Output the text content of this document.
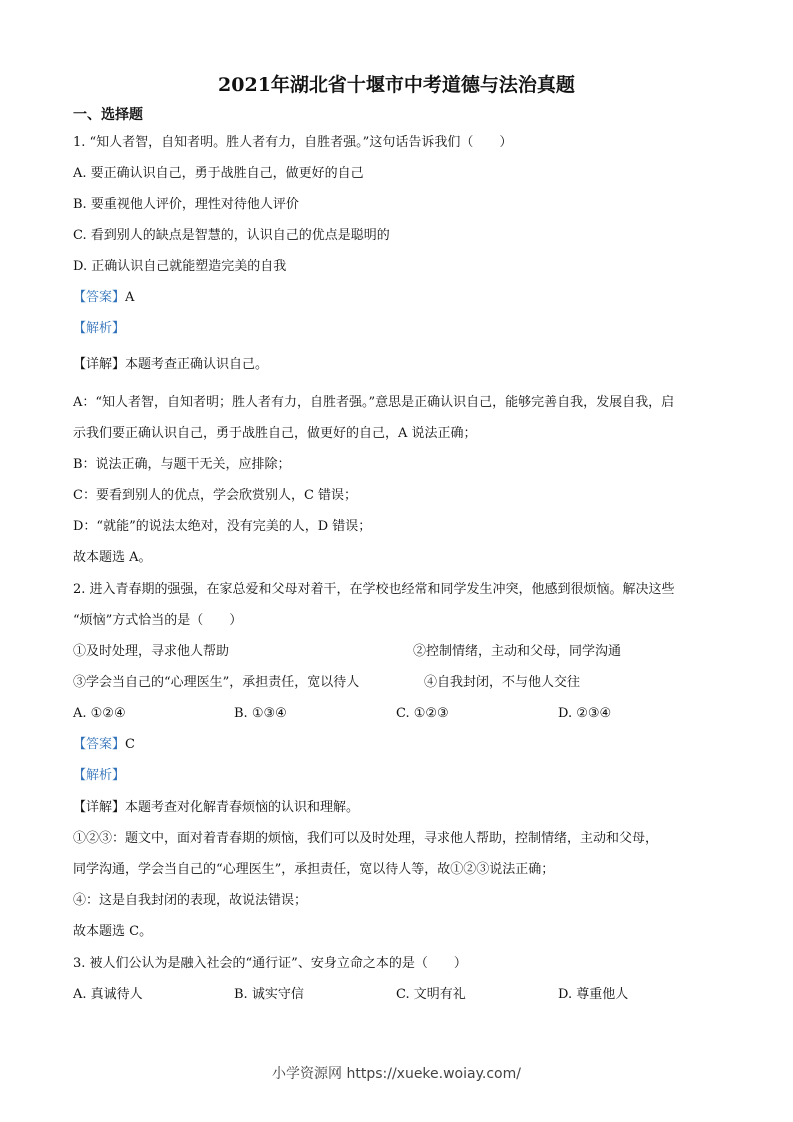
2021年湖北省十堰市中考道德与法治真题
一、选择题
1. “知人者智，自知者明。胜人者有力，自胜者强。”这句话告诉我们（　　）
A. 要正确认识自己，勇于战胜自己，做更好的自己
B. 要重视他人评价，理性对待他人评价
C. 看到别人的缺点是智慧的，认识自己的优点是聪明的
D. 正确认识自己就能塑造完美的自我
【答案】A
【解析】
【详解】本题考查正确认识自己。
A：“知人者智，自知者明；胜人者有力，自胜者强。”意思是正确认识自己，能够完善自我，发展自我，启
示我们要正确认识自己，勇于战胜自己，做更好的自己，A 说法正确；
B：说法正确，与题干无关，应排除；
C：要看到别人的优点，学会欣赏别人，C 错误；
D：“就能”的说法太绝对，没有完美的人，D 错误；
故本题选 A。
2. 进入青春期的强强，在家总爱和父母对着干，在学校也经常和同学发生冲突，他感到很烦恼。解决这些
“烦恼”方式恰当的是（　　）
①及时处理，寻求他人帮助	②控制情绪，主动和父母，同学沟通
③学会当自己的“心理医生”，承担责任，宽以待人	④自我封闭，不与他人交往
A. ①②④	B. ①③④	C. ①②③	D. ②③④
【答案】C
【解析】
【详解】本题考查对化解青春烦恼的认识和理解。
①②③：题文中，面对着青春期的烦恼，我们可以及时处理，寻求他人帮助，控制情绪，主动和父母，
同学沟通，学会当自己的“心理医生”，承担责任，宽以待人等，故①②③说法正确；
④：这是自我封闭的表现，故说法错误；
故本题选 C。
3. 被人们公认为是融入社会的“通行证”、安身立命之本的是（　　）
A. 真诚待人	B. 诚实守信	C. 文明有礼	D. 尊重他人
小学资源网 https://xueke.woiay.com/
